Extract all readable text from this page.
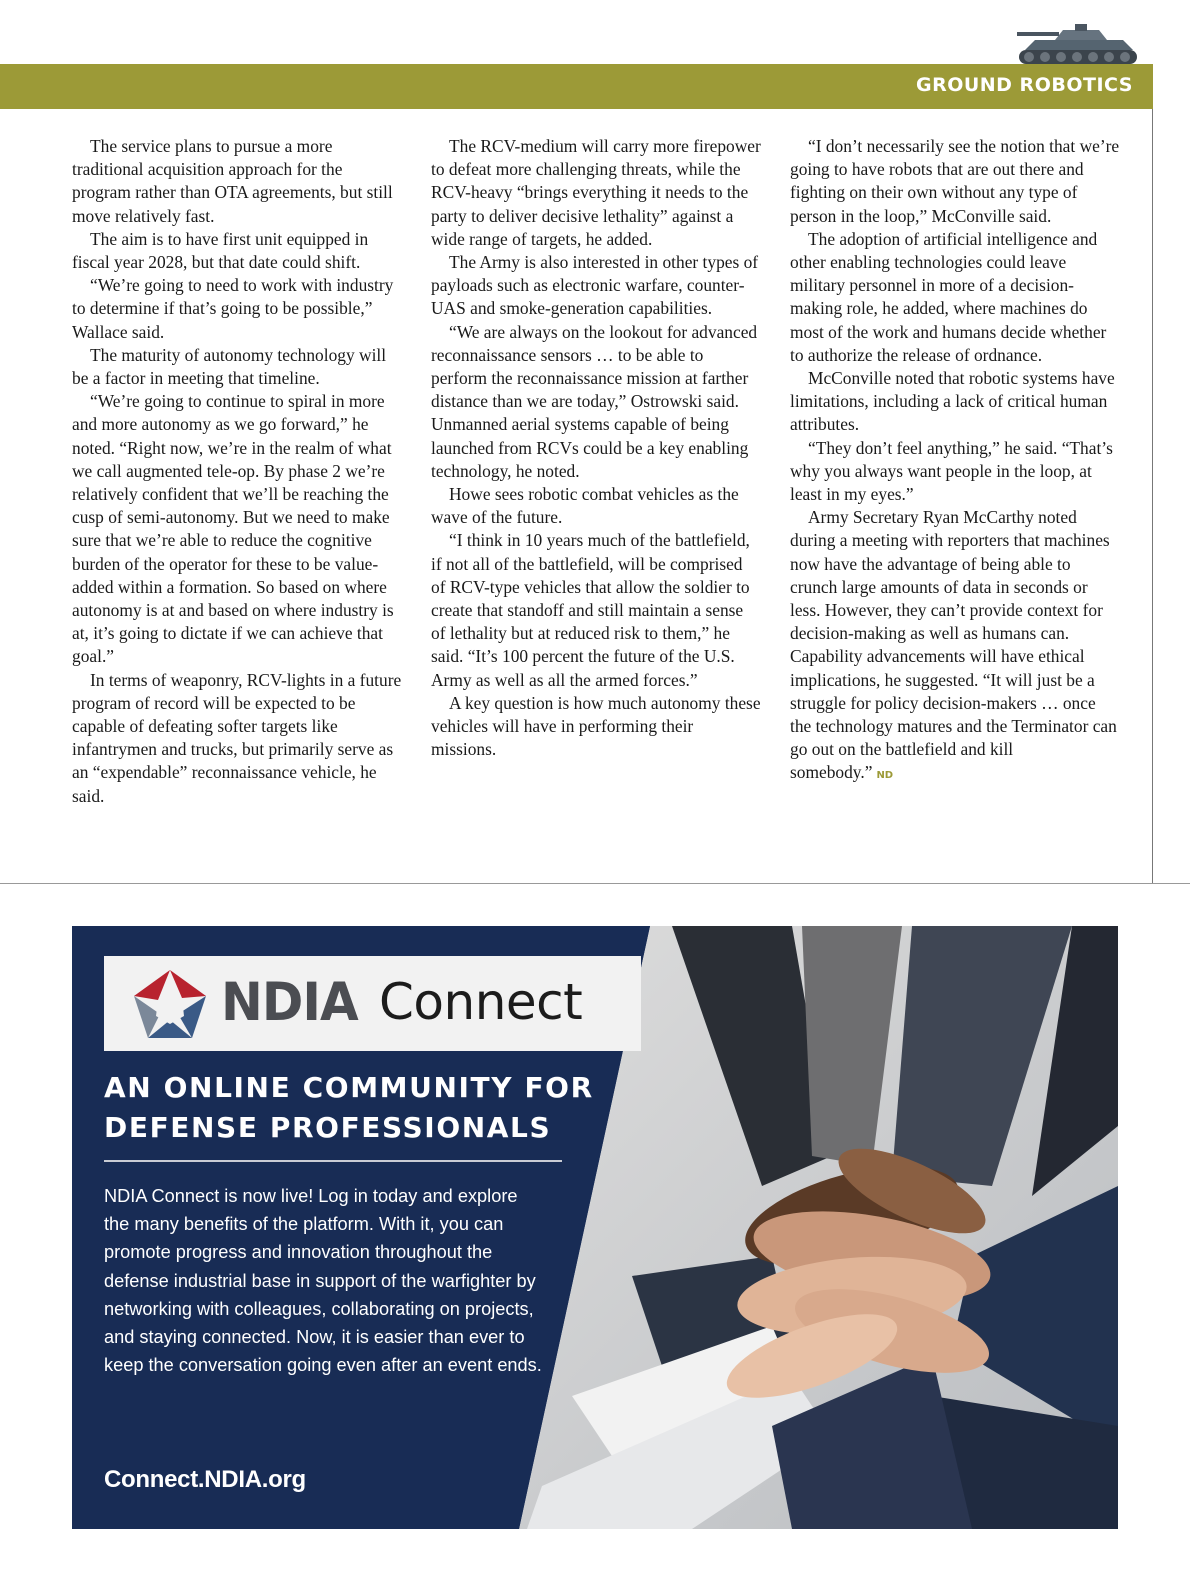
GROUND ROBOTICS

The service plans to pursue a more traditional acquisition approach for the program rather than OTA agreements, but still move relatively fast.

The aim is to have first unit equipped in fiscal year 2028, but that date could shift.

“We’re going to need to work with industry to determine if that’s going to be possible,” Wallace said.

The maturity of autonomy technology will be a factor in meeting that timeline.

“We’re going to continue to spiral in more and more autonomy as we go forward,” he noted. “Right now, we’re in the realm of what we call augmented tele-op. By phase 2 we’re relatively confident that we’ll be reaching the cusp of semi-autonomy. But we need to make sure that we’re able to reduce the cognitive burden of the operator for these to be value-added within a formation. So based on where autonomy is at and based on where industry is at, it’s going to dictate if we can achieve that goal.”

In terms of weaponry, RCV-lights in a future program of record will be expected to be capable of defeating softer targets like infantrymen and trucks, but primarily serve as an “expendable” reconnaissance vehicle, he said.

The RCV-medium will carry more firepower to defeat more challenging threats, while the RCV-heavy “brings everything it needs to the party to deliver decisive lethality” against a wide range of targets, he added.

The Army is also interested in other types of payloads such as electronic warfare, counter-UAS and smoke-generation capabilities.

“We are always on the lookout for advanced reconnaissance sensors … to be able to perform the reconnaissance mission at farther distance than we are today,” Ostrowski said. Unmanned aerial systems capable of being launched from RCVs could be a key enabling technology, he noted.

Howe sees robotic combat vehicles as the wave of the future.

“I think in 10 years much of the battlefield, if not all of the battlefield, will be comprised of RCV-type vehicles that allow the soldier to create that standoff and still maintain a sense of lethality but at reduced risk to them,” he said. “It’s 100 percent the future of the U.S. Army as well as all the armed forces.”

A key question is how much autonomy these vehicles will have in performing their missions.

“I don’t necessarily see the notion that we’re going to have robots that are out there and fighting on their own without any type of person in the loop,” McConville said.

The adoption of artificial intelligence and other enabling technologies could leave military personnel in more of a decision-making role, he added, where machines do most of the work and humans decide whether to authorize the release of ordnance.

McConville noted that robotic systems have limitations, including a lack of critical human attributes.

“They don’t feel anything,” he said. “That’s why you always want people in the loop, at least in my eyes.”

Army Secretary Ryan McCarthy noted during a meeting with reporters that machines now have the advantage of being able to crunch large amounts of data in seconds or less. However, they can’t provide context for decision-making as well as humans can. Capability advancements will have ethical implications, he suggested. “It will just be a struggle for policy decision-makers … once the technology matures and the Terminator can go out on the battlefield and kill somebody.” ND

NDIA Connect
AN ONLINE COMMUNITY FOR DEFENSE PROFESSIONALS
NDIA Connect is now live! Log in today and explore the many benefits of the platform. With it, you can promote progress and innovation throughout the defense industrial base in support of the warfighter by networking with colleagues, collaborating on projects, and staying connected. Now, it is easier than ever to keep the conversation going even after an event ends.
Connect.NDIA.org
